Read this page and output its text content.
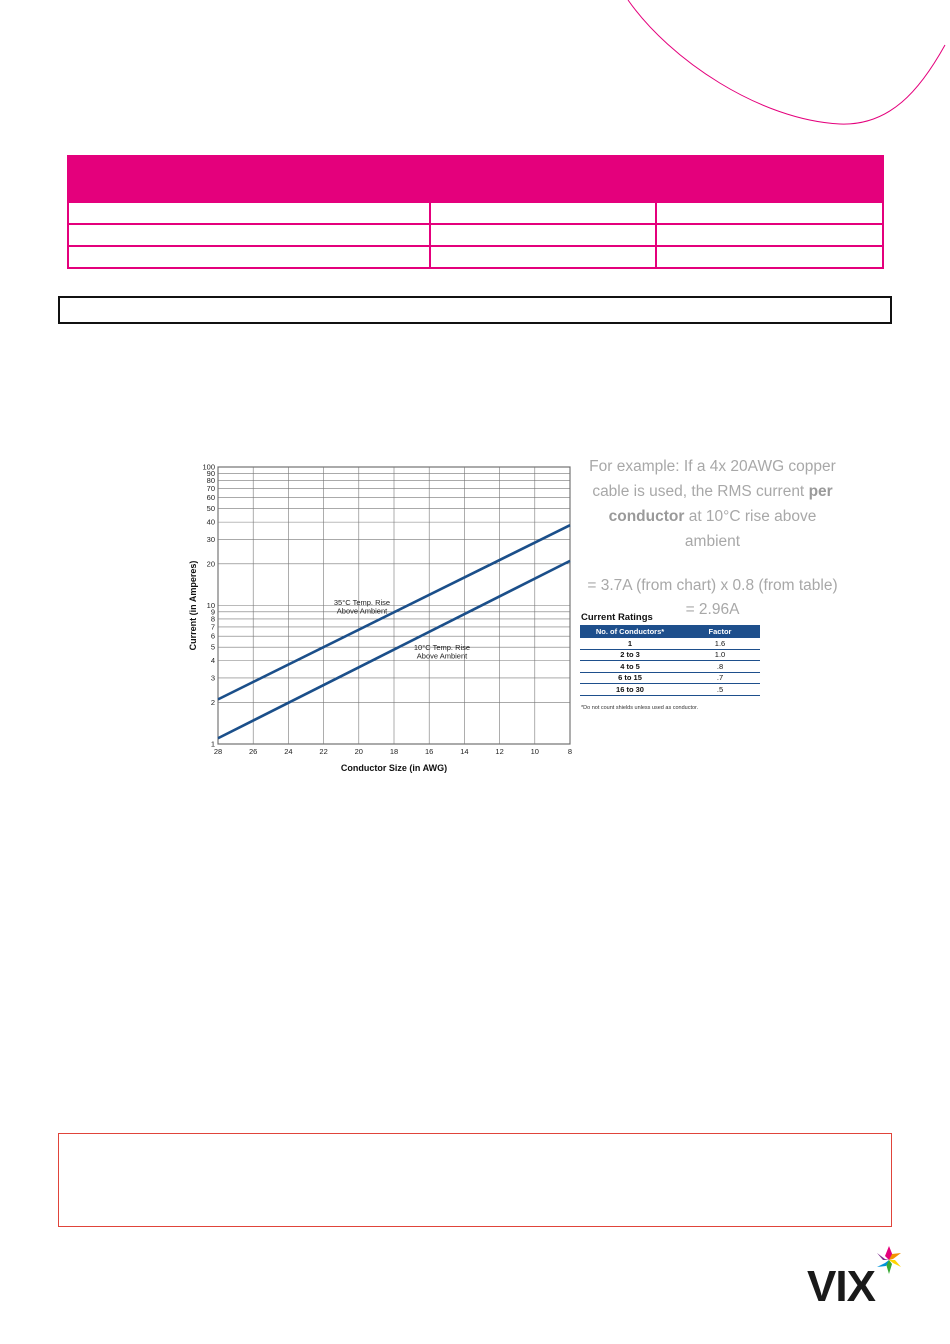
1
2
3
4
5
6
7
8
9
10
20
30
40
50
60
70
80
90
100
28	26	24	22	20	18	16	14	12	10	8
35°C Temp. Rise
Above Ambient
10°C Temp. Rise
Above Ambient
Conductor Size (in AWG)
Current (in Amperes)
For example: If a 4x 20AWG copper
cable is used, the RMS current per
conductor at 10°C rise above
ambient
= 3.7A (from chart) x 0.8 (from table)
= 2.96A
Current Ratings
No. of Conductors*	Factor
1	1.6
2 to 3	1.0
4 to 5	.8
6 to 15	.7
16 to 30	.5
*Do not count shields unless used as conductor.
VIX
